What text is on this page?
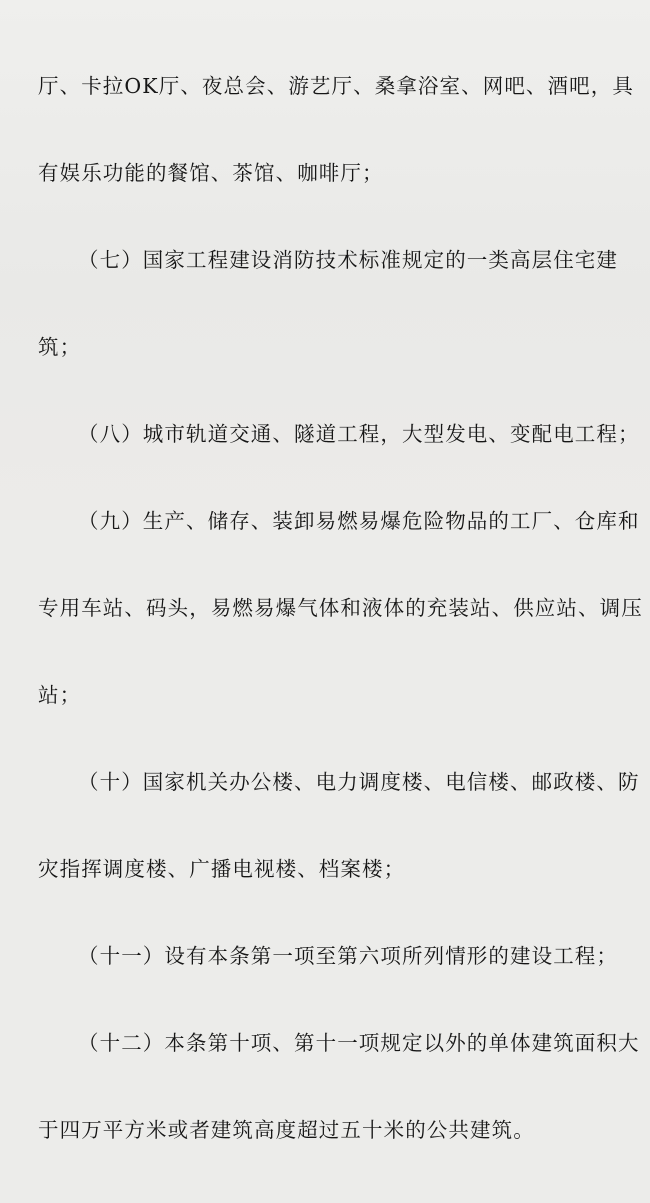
厅、卡拉OK厅、夜总会、游艺厅、桑拿浴室、网吧、酒吧，具

有娱乐功能的餐馆、茶馆、咖啡厅；

（七）国家工程建设消防技术标准规定的一类高层住宅建

筑；

（八）城市轨道交通、隧道工程，大型发电、变配电工程；

（九）生产、储存、装卸易燃易爆危险物品的工厂、仓库和

专用车站、码头，易燃易爆气体和液体的充装站、供应站、调压

站；

（十）国家机关办公楼、电力调度楼、电信楼、邮政楼、防

灾指挥调度楼、广播电视楼、档案楼；

（十一）设有本条第一项至第六项所列情形的建设工程；

（十二）本条第十项、第十一项规定以外的单体建筑面积大

于四万平方米或者建筑高度超过五十米的公共建筑。
